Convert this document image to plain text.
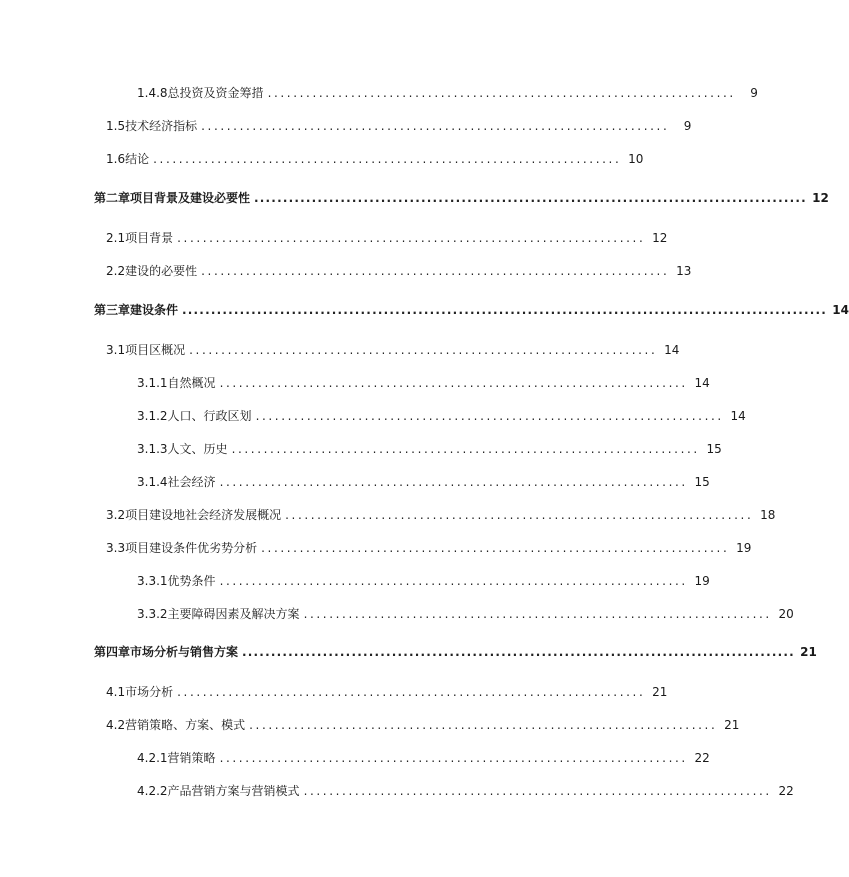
1.4.8 总投资及资金筹措 .........................................................................	9
1.5 技术经济指标 .........................................................................	9
1.6 结论 ......................................................................... 10
第二章 项目背景及建设必要性 ................................................................................................ 12
2.1 项目背景 ......................................................................... 12
2.2 建设的必要性 ......................................................................... 13
第三章 建设条件 ................................................................................................................ 14
3.1 项目区概况 ......................................................................... 14
3.1.1 自然概况 ......................................................................... 14
3.1.2 人口、行政区划 ......................................................................... 14
3.1.3 人文、历史 ......................................................................... 15
3.1.4 社会经济 ......................................................................... 15
3.2 项目建设地社会经济发展概况 ......................................................................... 18
3.3 项目建设条件优劣势分析 ......................................................................... 19
3.3.1 优势条件 ......................................................................... 19
3.3.2 主要障碍因素及解决方案 ......................................................................... 20
第四章 市场分析与销售方案 ................................................................................................ 21
4.1 市场分析 ......................................................................... 21
4.2 营销策略、方案、模式 ......................................................................... 21
4.2.1 营销策略 ......................................................................... 22
4.2.2 产品营销方案与营销模式 ......................................................................... 22
